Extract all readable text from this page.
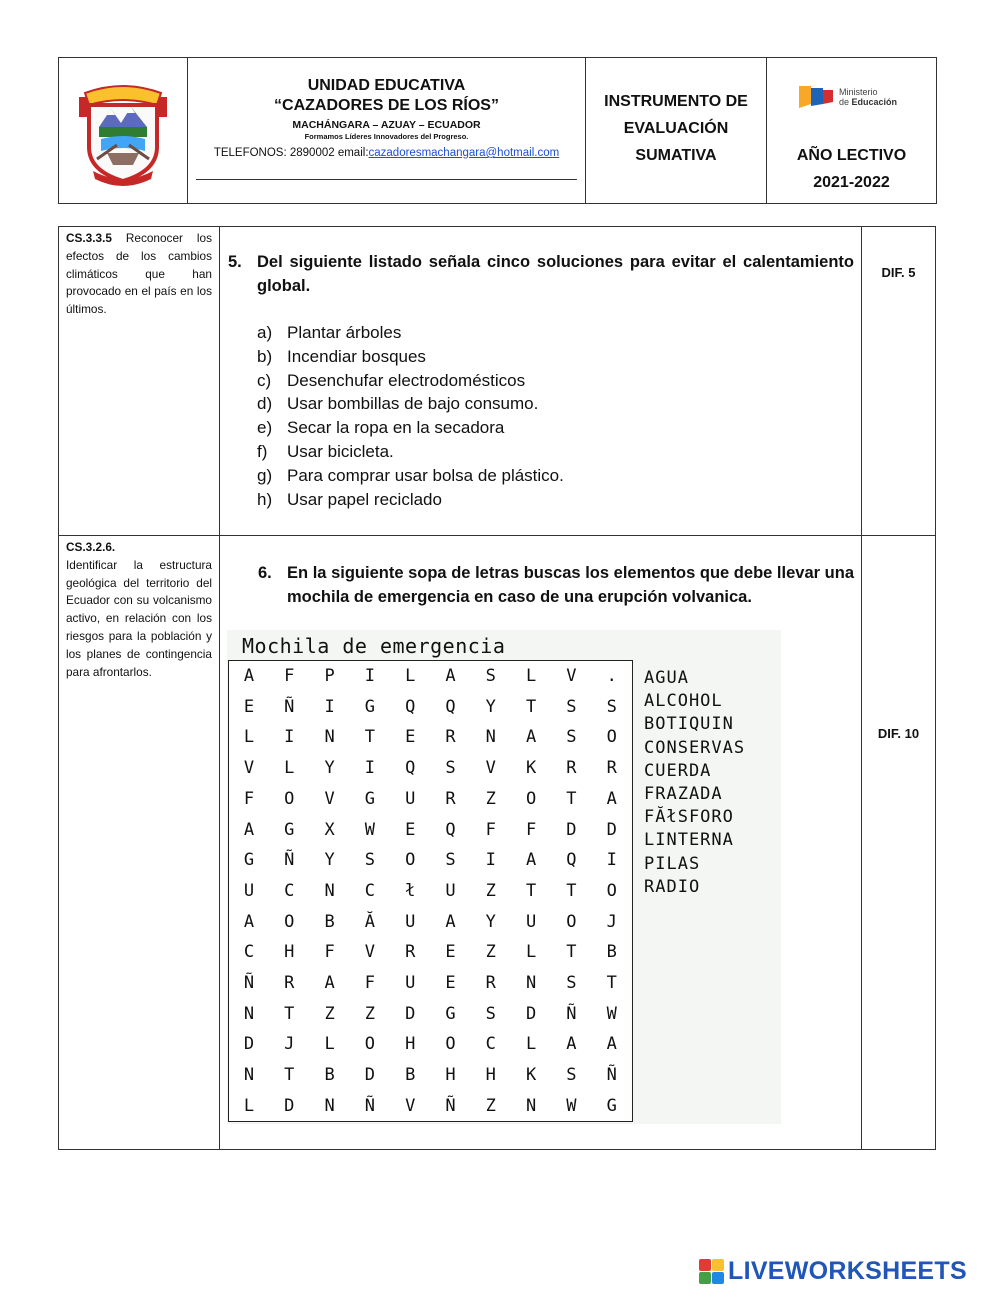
UNIDAD EDUCATIVA
“CAZADORES DE LOS RÍOS”
MACHÁNGARA – AZUAY – ECUADOR
Formamos Líderes Innovadores del Progreso.
TELEFONOS: 2890002 email:cazadoresmachangara@hotmail.com
INSTRUMENTO DE
EVALUACIÓN
SUMATIVA
Ministerio
de Educación
AÑO LECTIVO
2021-2022
CS.3.3.5 Reconocer los efectos de los cambios climáticos que han provocado en el país en los últimos.
5. Del siguiente listado señala cinco soluciones para evitar el calentamiento global.
a) Plantar árboles
b) Incendiar bosques
c) Desenchufar electrodomésticos
d) Usar bombillas de bajo consumo.
e) Secar la ropa en la secadora
f)	Usar bicicleta.
g) Para comprar usar bolsa de plástico.
h) Usar papel reciclado
DIF. 5
CS.3.2.6.
Identificar la estructura geológica del territorio del Ecuador con su volcanismo activo, en relación con los riesgos para la población y los planes de contingencia para afrontarlos.
6. En la siguiente sopa de letras buscas los elementos que debe llevar una mochila de emergencia en caso de una erupción volvanica.
Mochila de emergencia
A	F	P	I	L	A	S	L	V	.
E	Ñ	I	G	Q	Q	Y	T	S	S
L	I	N	T	E	R	N	A	S	O
V	L	Y	I	Q	S	V	K	R	R
F	O	V	G	U	R	Z	O	T	A
A	G	X	W	E	Q	F	F	D	D
G	Ñ	Y	S	O	S	I	A	Q	I
U	C	N	C	ł	U	Z	T	T	O
A	O	B	Ă	U	A	Y	U	O	J
C	H	F	V	R	E	Z	L	T	B
Ñ	R	A	F	U	E	R	N	S	T
N	T	Z	Z	D	G	S	D	Ñ	W
D	J	L	O	H	O	C	L	A	A
N	T	B	D	B	H	H	K	S	Ñ
L	D	N	Ñ	V	Ñ	Z	N	W	G
AGUA
ALCOHOL
BOTIQUIN
CONSERVAS
CUERDA
FRAZADA
FĂłSFORO
LINTERNA
PILAS
RADIO
DIF. 10
LIVEWORKSHEETS
